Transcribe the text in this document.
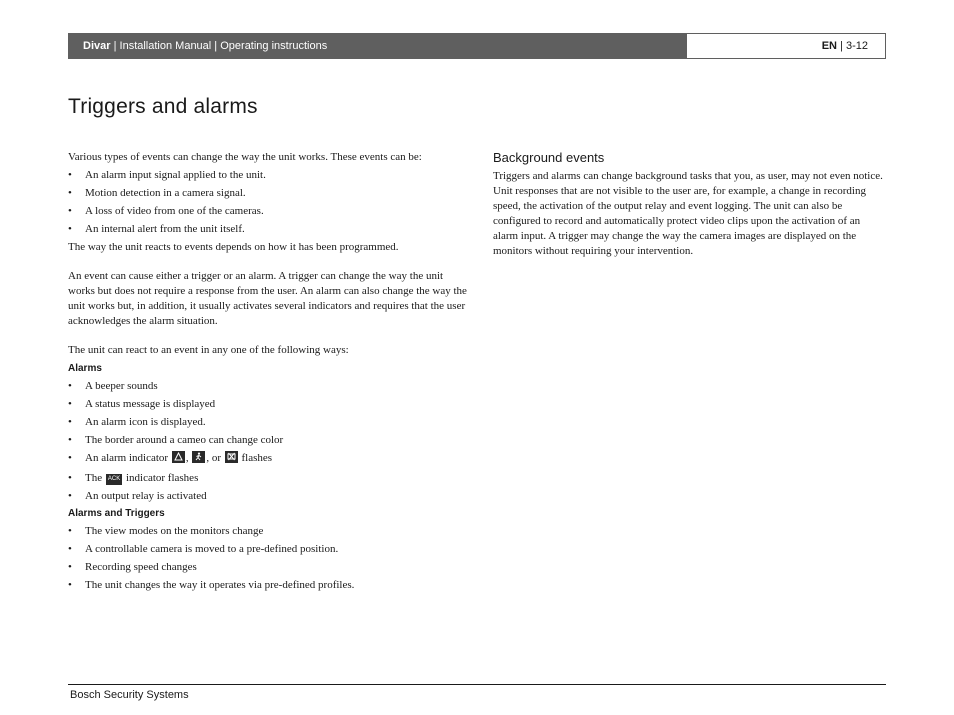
Divar | Installation Manual | Operating instructions	EN | 3-12
Triggers and alarms

Various types of events can change the way the unit works. These events can be:

• An alarm input signal applied to the unit.
• Motion detection in a camera signal.
• A loss of video from one of the cameras.
• An internal alert from the unit itself.

The way the unit reacts to events depends on how it has been programmed.

An event can cause either a trigger or an alarm. A trigger can change the way the unit works but does not require a response from the user. An alarm can also change the way the unit works but, in addition, it usually activates several indicators and requires that the user acknowledges the alarm situation.

The unit can react to an event in any one of the following ways:

Alarms
• A beeper sounds
• A status message is displayed
• An alarm icon is displayed.
• The border around a cameo can change color
• An alarm indicator , , or flashes
• The ACK indicator flashes
• An output relay is activated
Alarms and Triggers
• The view modes on the monitors change
• A controllable camera is moved to a pre-defined position.
• Recording speed changes
• The unit changes the way it operates via pre-defined profiles.
Background events

Triggers and alarms can change background tasks that you, as user, may not even notice. Unit responses that are not visible to the user are, for example, a change in recording speed, the activation of the output relay and event logging. The unit can also be configured to record and automatically protect video clips upon the activation of an alarm input. A trigger may change the way the camera images are displayed on the monitors without requiring your intervention.

Bosch Security Systems
